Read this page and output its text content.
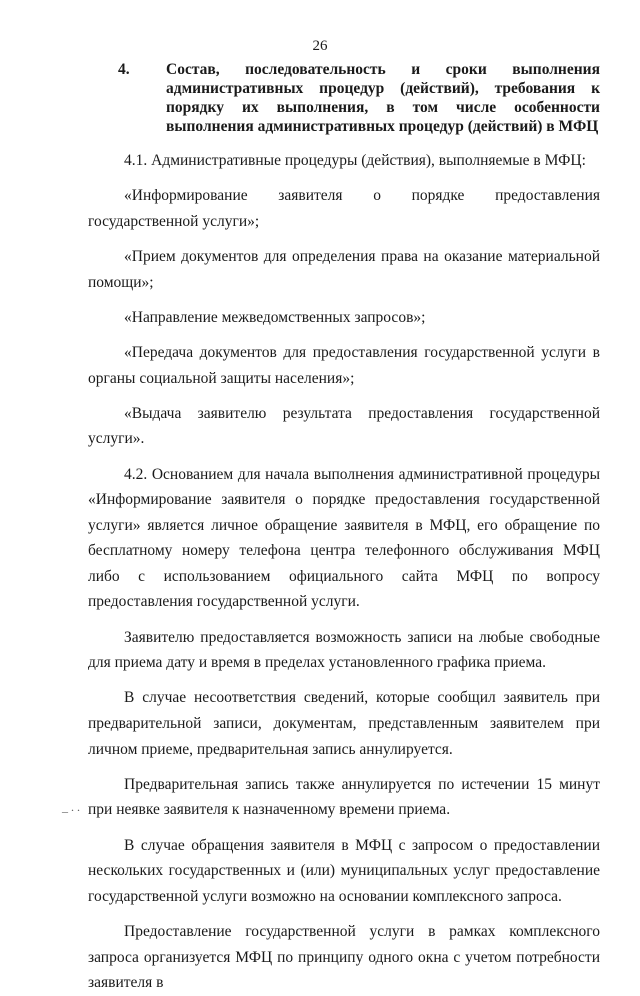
26
4.	Состав, последовательность и сроки выполнения административных процедур (действий), требования к порядку их выполнения, в том числе особенности выполнения административных процедур (действий) в МФЦ

4.1. Административные процедуры (действия), выполняемые в МФЦ:

«Информирование заявителя о порядке предоставления государственной услуги»;

«Прием документов для определения права на оказание материальной помощи»;

«Направление межведомственных запросов»;

«Передача документов для предоставления государственной услуги в органы социальной защиты населения»;

«Выдача заявителю результата предоставления государственной услуги».

4.2. Основанием для начала выполнения административной процедуры «Информирование заявителя о порядке предоставления государственной услуги» является личное обращение заявителя в МФЦ, его обращение по бесплатному номеру телефона центра телефонного обслуживания МФЦ либо с использованием официального сайта МФЦ по вопросу предоставления государственной услуги.

Заявителю предоставляется возможность записи на любые свободные для приема дату и время в пределах установленного графика приема.

В случае несоответствия сведений, которые сообщил заявитель при предварительной записи, документам, представленным заявителем при личном приеме, предварительная запись аннулируется.

Предварительная запись также аннулируется по истечении 15 минут при неявке заявителя к назначенному времени приема.

В случае обращения заявителя в МФЦ с запросом о предоставлении нескольких государственных и (или) муниципальных услуг предоставление государственной услуги возможно на основании комплексного запроса.

Предоставление государственной услуги в рамках комплексного запроса организуется МФЦ по принципу одного окна с учетом потребности заявителя в

_ . .
